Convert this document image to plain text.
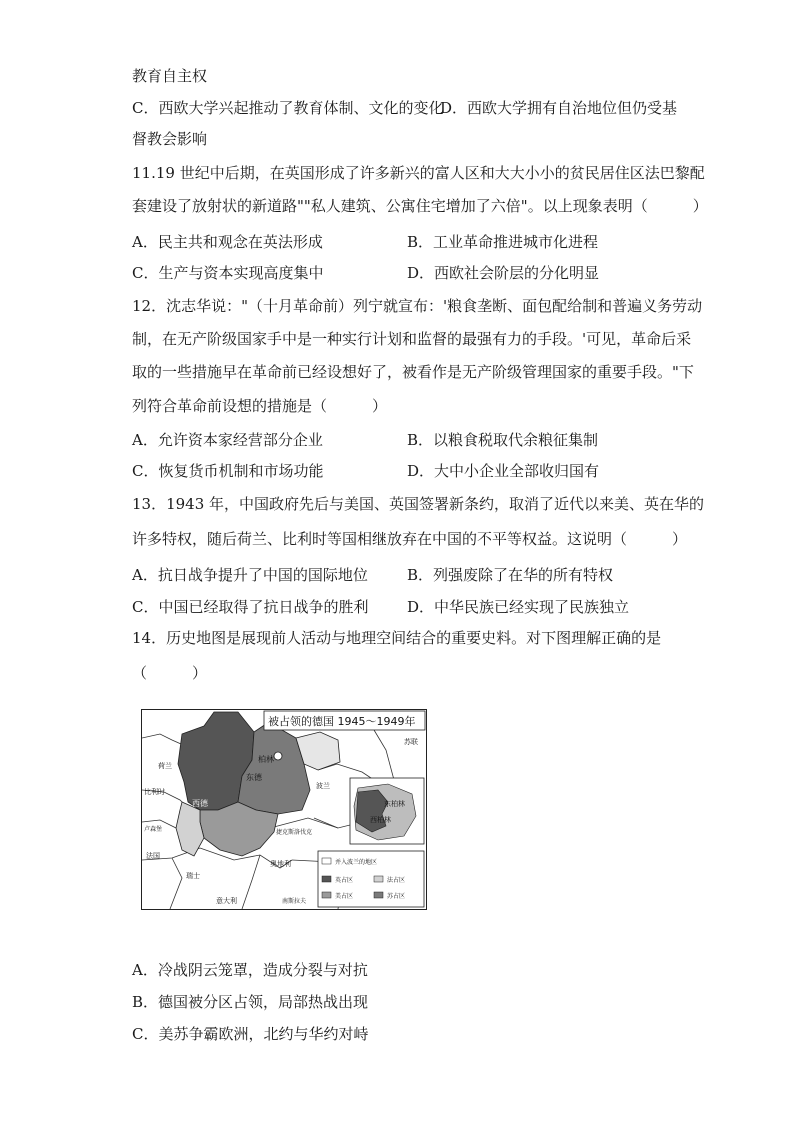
教育自主权
C．西欧大学兴起推动了教育体制、文化的变化
D．西欧大学拥有自治地位但仍受基
督教会影响
11.19 世纪中后期，在英国形成了许多新兴的富人区和大大小小的贫民居住区法巴黎配
套建设了放射状的新道路""私人建筑、公寓住宅增加了六倍"。以上现象表明（　　　）
A．民主共和观念在英法形成	B．工业革命推进城市化进程
C．生产与资本实现高度集中	D．西欧社会阶层的分化明显
12．沈志华说："（十月革命前）列宁就宣布：'粮食垄断、面包配给制和普遍义务劳动
制，在无产阶级国家手中是一种实行计划和监督的最强有力的手段。'可见，革命后采
取的一些措施早在革命前已经设想好了，被看作是无产阶级管理国家的重要手段。"下
列符合革命前设想的措施是（　　　）
A．允许资本家经营部分企业	B．以粮食税取代余粮征集制
C．恢复货币机制和市场功能	D．大中小企业全部收归国有
13．1943 年，中国政府先后与美国、英国签署新条约，取消了近代以来美、英在华的
许多特权，随后荷兰、比利时等国相继放弃在中国的不平等权益。这说明（　　　）
A．抗日战争提升了中国的国际地位	B．列强废除了在华的所有特权
C．中国已经取得了抗日战争的胜利	D．中华民族已经实现了民族独立
14．历史地图是展现前人活动与地理空间结合的重要史料。对下图理解正确的是
（　　　）
被占领的德国 1945～1949年
苏联
荷兰
比利时
卢森堡
法国
瑞士
意大利
奥地利
南斯拉夫
捷克斯洛伐克
波兰
柏林
东德
西德	东柏林
西柏林
并入波兰的地区
英占区	法占区
美占区	苏占区
A．冷战阴云笼罩，造成分裂与对抗
B．德国被分区占领，局部热战出现
C．美苏争霸欧洲，北约与华约对峙
